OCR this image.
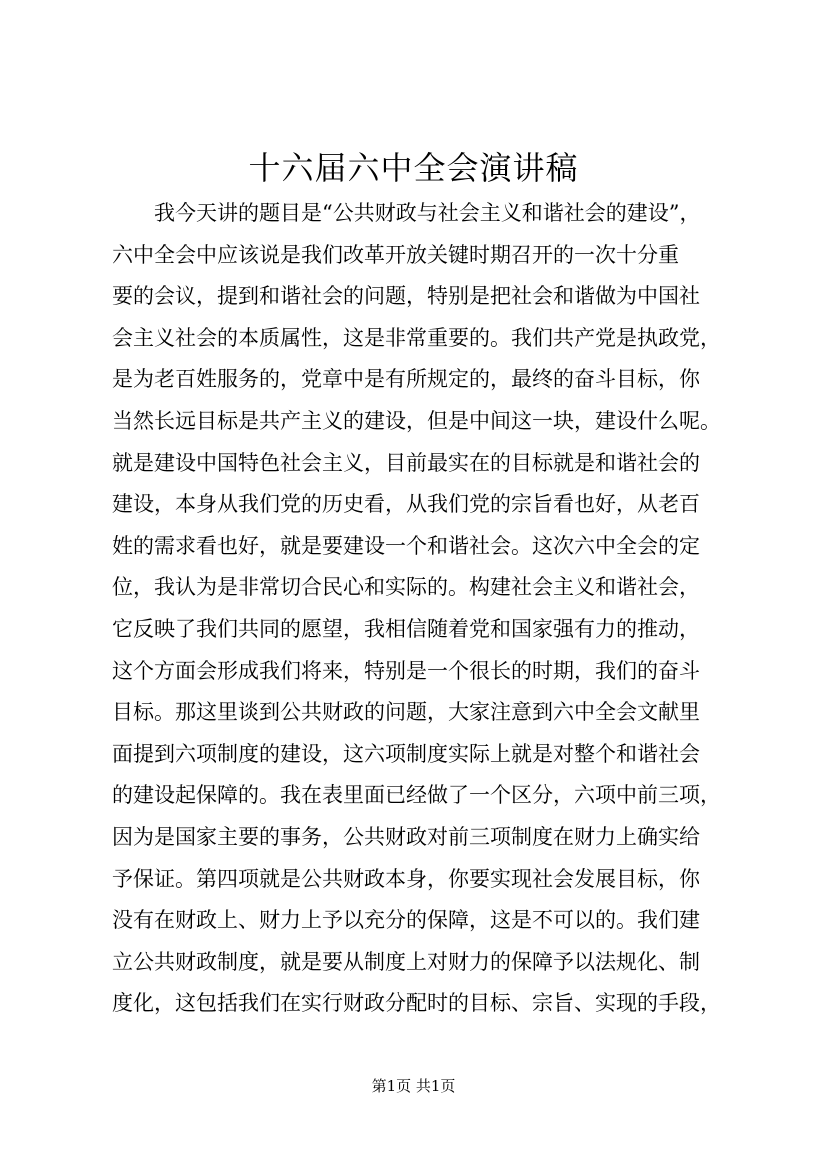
十六届六中全会演讲稿
我今天讲的题目是“公共财政与社会主义和谐社会的建设”，
六中全会中应该说是我们改革开放关键时期召开的一次十分重
要的会议，提到和谐社会的问题，特别是把社会和谐做为中国社
会主义社会的本质属性，这是非常重要的。我们共产党是执政党，
是为老百姓服务的，党章中是有所规定的，最终的奋斗目标，你
当然长远目标是共产主义的建设，但是中间这一块，建设什么呢。
就是建设中国特色社会主义，目前最实在的目标就是和谐社会的
建设，本身从我们党的历史看，从我们党的宗旨看也好，从老百
姓的需求看也好，就是要建设一个和谐社会。这次六中全会的定
位，我认为是非常切合民心和实际的。构建社会主义和谐社会，
它反映了我们共同的愿望，我相信随着党和国家强有力的推动，
这个方面会形成我们将来，特别是一个很长的时期，我们的奋斗
目标。那这里谈到公共财政的问题，大家注意到六中全会文献里
面提到六项制度的建设，这六项制度实际上就是对整个和谐社会
的建设起保障的。我在表里面已经做了一个区分，六项中前三项，
因为是国家主要的事务，公共财政对前三项制度在财力上确实给
予保证。第四项就是公共财政本身，你要实现社会发展目标，你
没有在财政上、财力上予以充分的保障，这是不可以的。我们建
立公共财政制度，就是要从制度上对财力的保障予以法规化、制
度化，这包括我们在实行财政分配时的目标、宗旨、实现的手段，
第1页 共1页
